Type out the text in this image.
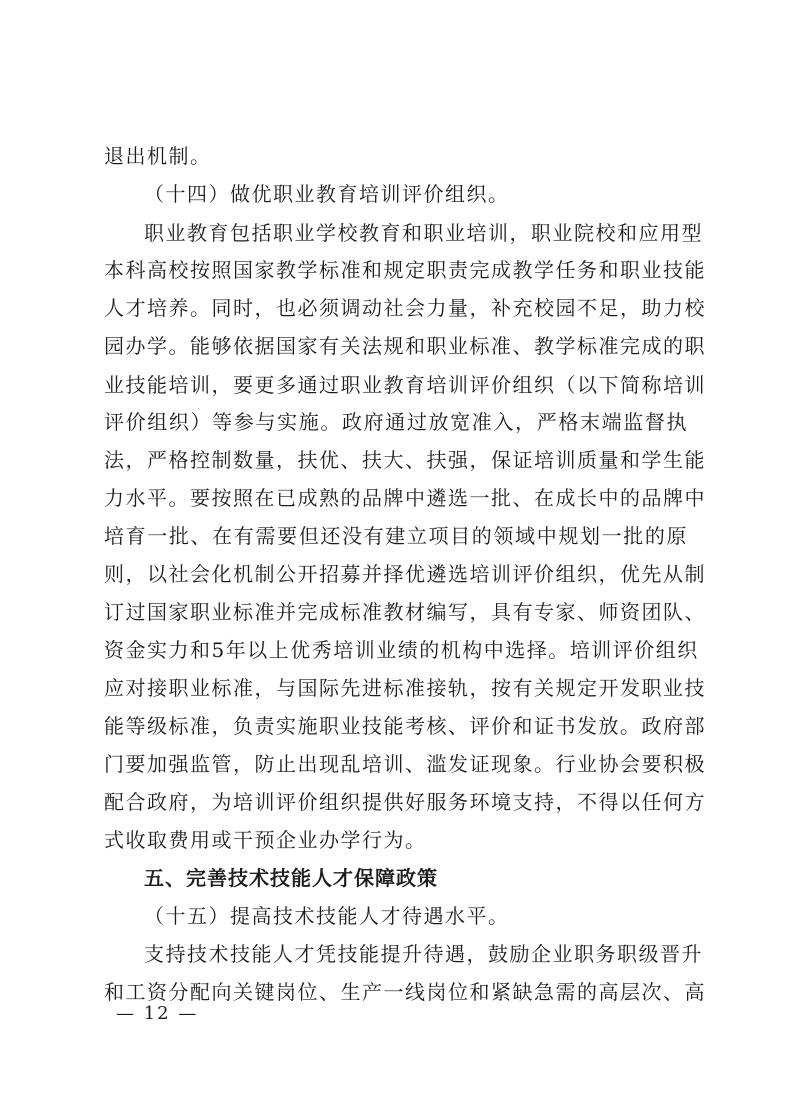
退出机制。
（十四）做优职业教育培训评价组织。
职业教育包括职业学校教育和职业培训，职业院校和应用型
本科高校按照国家教学标准和规定职责完成教学任务和职业技能
人才培养。同时，也必须调动社会力量，补充校园不足，助力校
园办学。能够依据国家有关法规和职业标准、教学标准完成的职
业技能培训，要更多通过职业教育培训评价组织（以下简称培训
评价组织）等参与实施。政府通过放宽准入，严格末端监督执
法，严格控制数量，扶优、扶大、扶强，保证培训质量和学生能
力水平。要按照在已成熟的品牌中遴选一批、在成长中的品牌中
培育一批、在有需要但还没有建立项目的领域中规划一批的原
则，以社会化机制公开招募并择优遴选培训评价组织，优先从制
订过国家职业标准并完成标准教材编写，具有专家、师资团队、
资金实力和5年以上优秀培训业绩的机构中选择。培训评价组织
应对接职业标准，与国际先进标准接轨，按有关规定开发职业技
能等级标准，负责实施职业技能考核、评价和证书发放。政府部
门要加强监管，防止出现乱培训、滥发证现象。行业协会要积极
配合政府，为培训评价组织提供好服务环境支持，不得以任何方
式收取费用或干预企业办学行为。
五、完善技术技能人才保障政策
（十五）提高技术技能人才待遇水平。
支持技术技能人才凭技能提升待遇，鼓励企业职务职级晋升
和工资分配向关键岗位、生产一线岗位和紧缺急需的高层次、高
— 12 —
